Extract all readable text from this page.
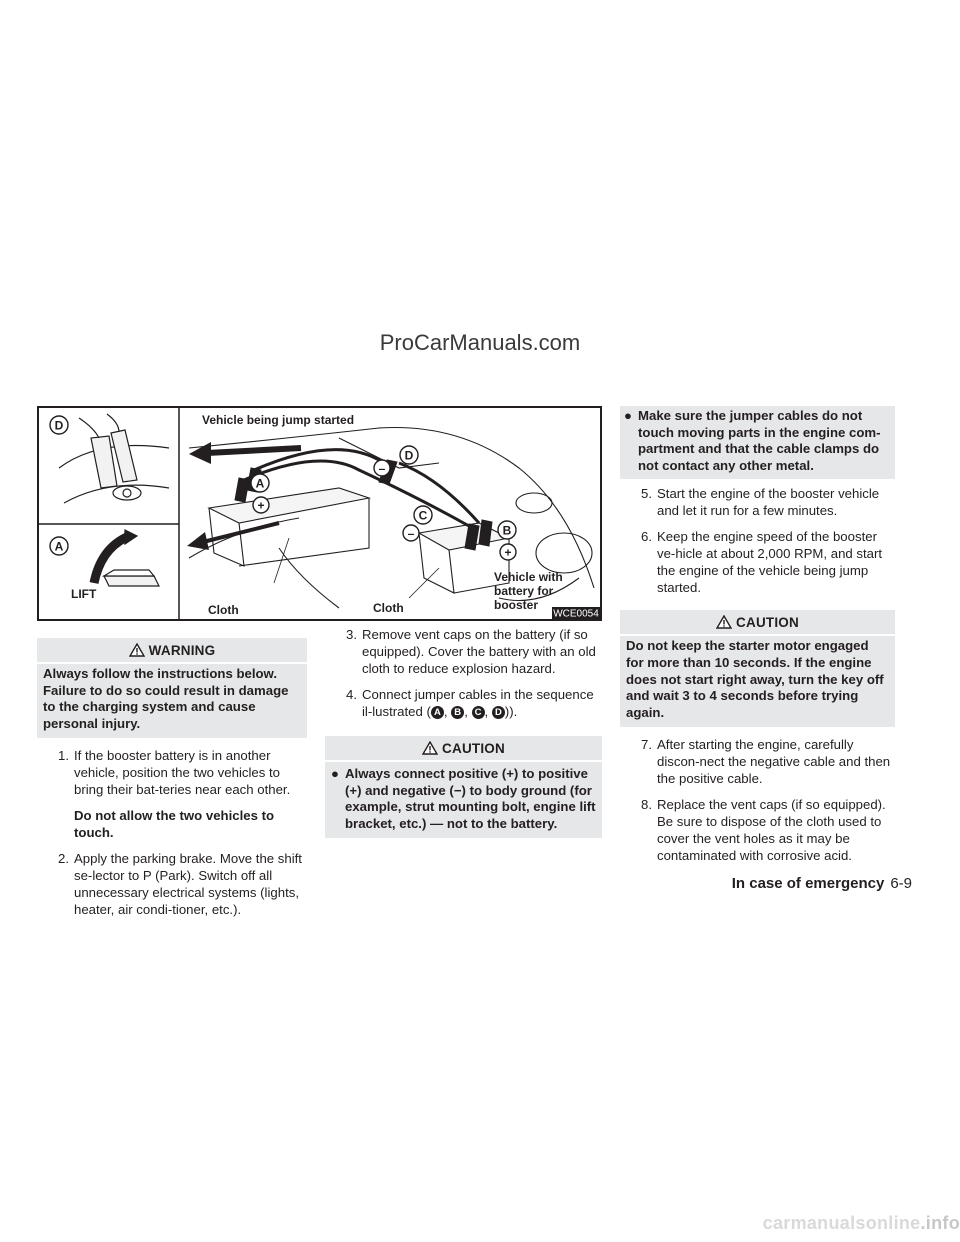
ProCarManuals.com
D
A
LIFT
Vehicle being jump started
A
+
D
–
C
–	B
+
Cloth	Cloth
Vehicle with
battery for
booster
WCE0054
WARNING
Always follow the instructions below. Failure to do so could result in damage to the charging system and cause personal injury.
1. If the booster battery is in another vehicle, position the two vehicles to bring their bat-teries near each other.
Do not allow the two vehicles to touch.
2. Apply the parking brake. Move the shift se-lector to P (Park). Switch off all unnecessary electrical systems (lights, heater, air condi-tioner, etc.).
3. Remove vent caps on the battery (if so equipped). Cover the battery with an old cloth to reduce explosion hazard.
4. Connect jumper cables in the sequence il-lustrated ( A , B , C , D )).
CAUTION
● Always connect positive (+) to positive (+) and negative (−) to body ground (for example, strut mounting bolt, engine lift bracket, etc.) — not to the battery.
● Make sure the jumper cables do not touch moving parts in the engine com-partment and that the cable clamps do not contact any other metal.
5. Start the engine of the booster vehicle and let it run for a few minutes.
6. Keep the engine speed of the booster ve-hicle at about 2,000 RPM, and start the engine of the vehicle being jump started.
CAUTION
Do not keep the starter motor engaged for more than 10 seconds. If the engine does not start right away, turn the key off and wait 3 to 4 seconds before trying again.
7. After starting the engine, carefully discon-nect the negative cable and then the positive cable.
8. Replace the vent caps (if so equipped). Be sure to dispose of the cloth used to cover the vent holes as it may be contaminated with corrosive acid.
In case of emergency 6-9
carmanualsonline.info
